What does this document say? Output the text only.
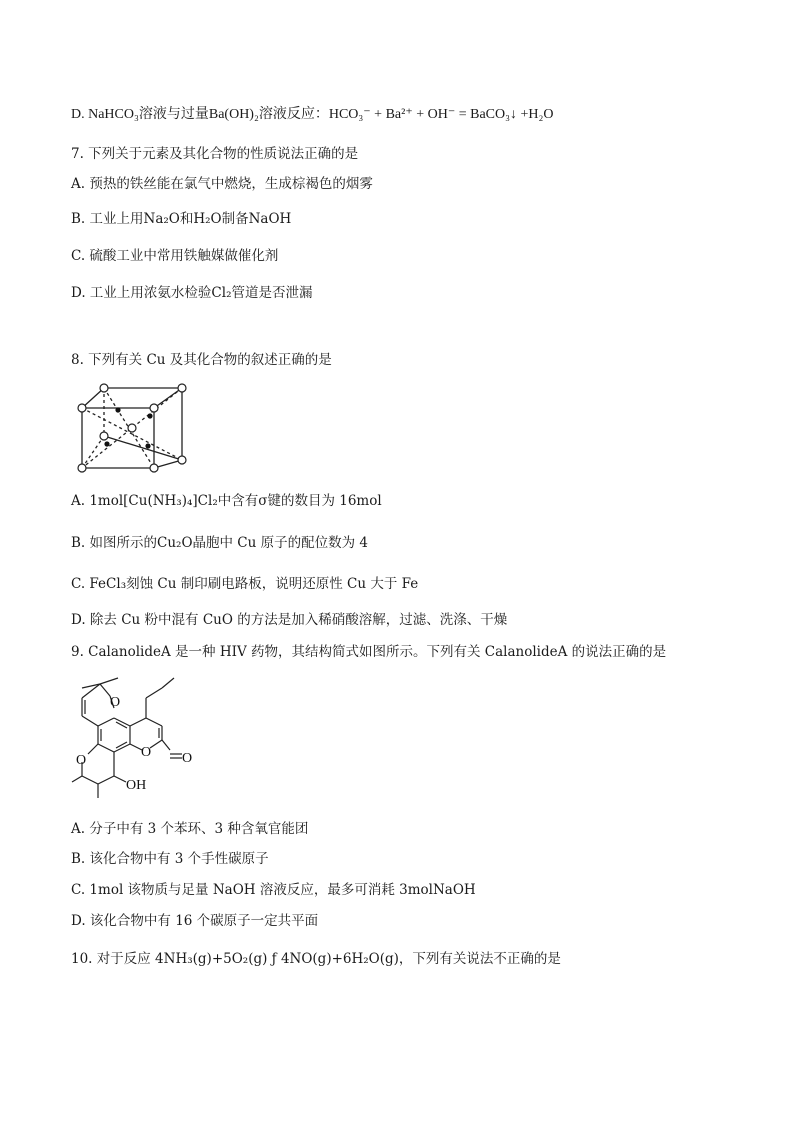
D. NaHCO₃溶液与过量Ba(OH)₂溶液反应：HCO₃⁻ + Ba²⁺ + OH⁻ = BaCO₃↓ +H₂O
7. 下列关于元素及其化合物的性质说法正确的是
A. 预热的铁丝能在氯气中燃烧，生成棕褐色的烟雾
B. 工业上用Na₂O和H₂O制备NaOH
C. 硫酸工业中常用铁触媒做催化剂
D. 工业上用浓氨水检验Cl₂管道是否泄漏
8. 下列有关 Cu 及其化合物的叙述正确的是
A. 1mol[Cu(NH₃)₄]Cl₂中含有σ键的数目为 16mol
B. 如图所示的Cu₂O晶胞中 Cu 原子的配位数为 4
C. FeCl₃刻蚀 Cu 制印刷电路板，说明还原性 Cu 大于 Fe
D. 除去 Cu 粉中混有 CuO 的方法是加入稀硝酸溶解，过滤、洗涤、干燥
9. CalanolideA 是一种 HIV 药物，其结构简式如图所示。下列有关 CalanolideA 的说法正确的是
O
O
O O
OH
A. 分子中有 3 个苯环、3 种含氧官能团
B. 该化合物中有 3 个手性碳原子
C. 1mol 该物质与足量 NaOH 溶液反应，最多可消耗 3molNaOH
D. 该化合物中有 16 个碳原子一定共平面
10. 对于反应 4NH₃(g)+5O₂(g) ƒ 4NO(g)+6H₂O(g)，下列有关说法不正确的是
